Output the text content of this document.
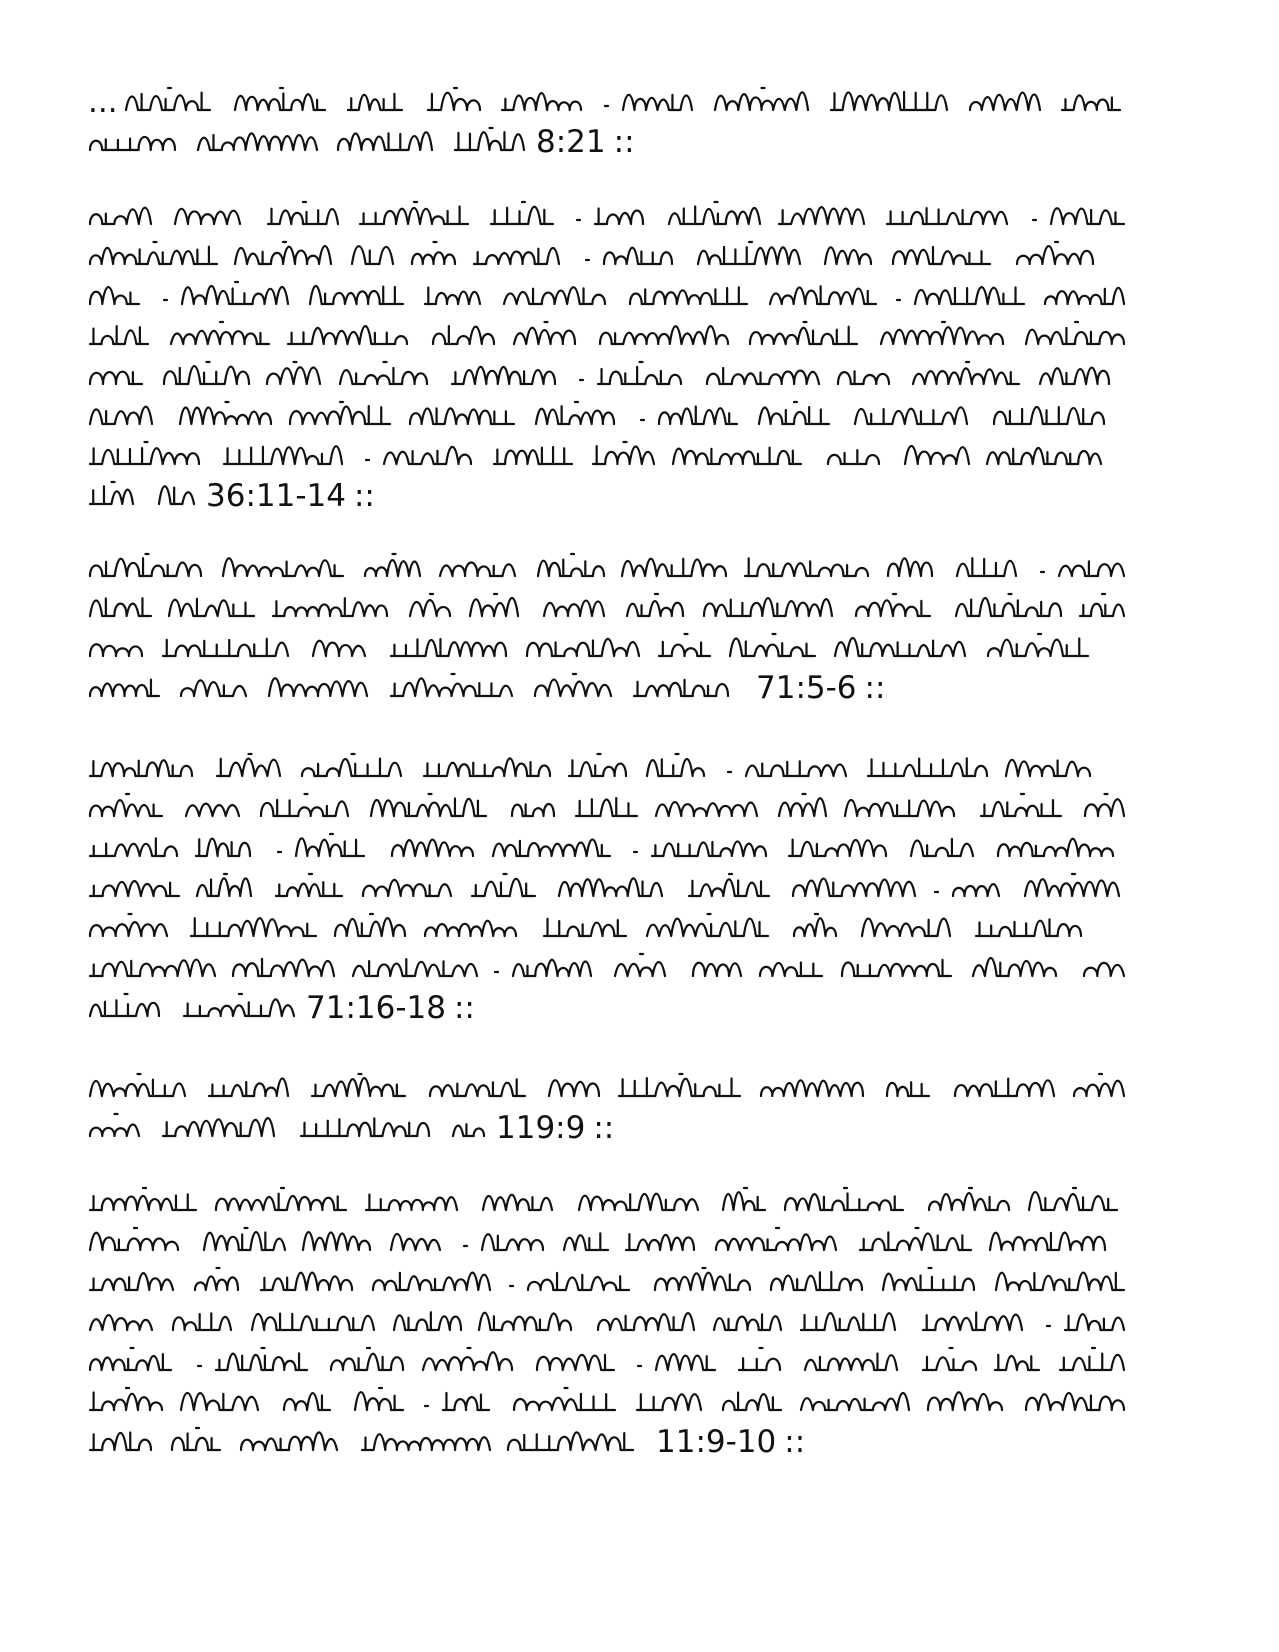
...
8:21 ::
36:11-14 ::
71:5-6 ::
71:16-18 ::
119:9 ::
11:9-10 ::
